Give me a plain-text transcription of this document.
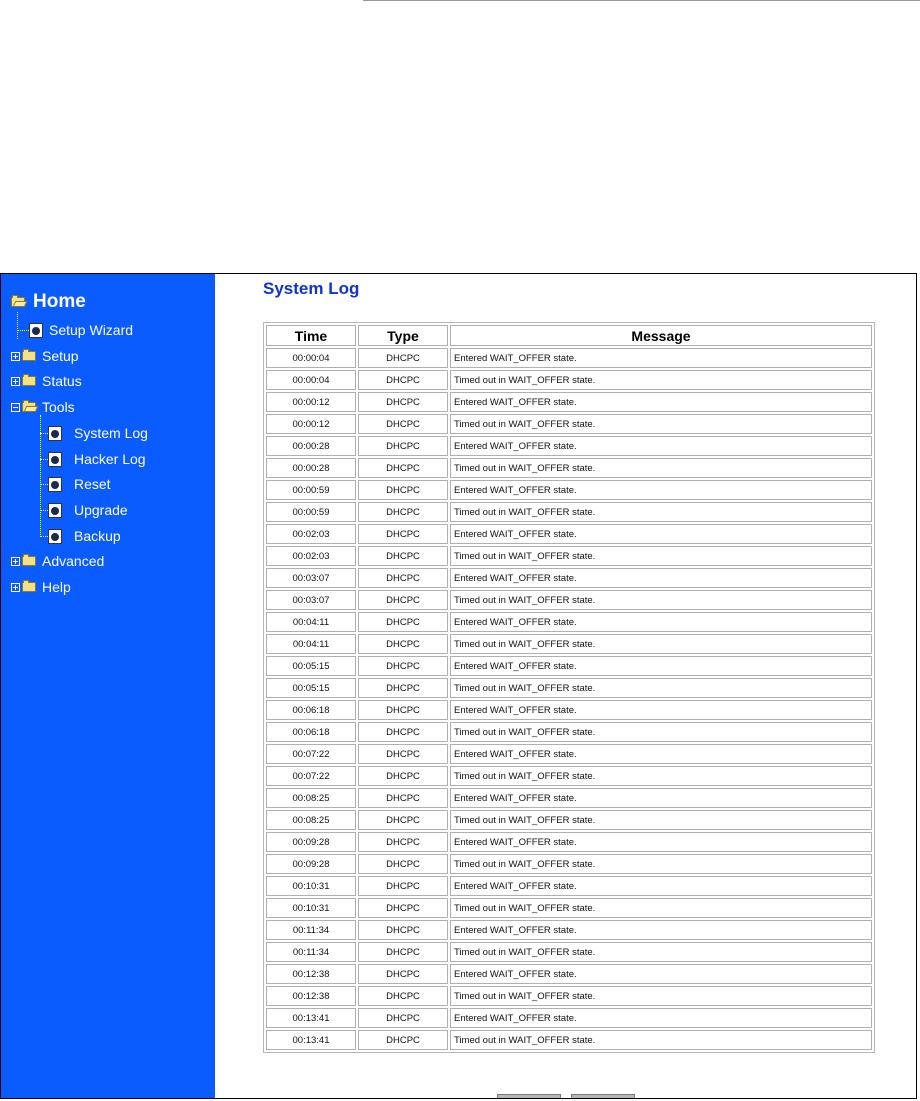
Home
Setup Wizard
Setup
Status
Tools
System Log
Hacker Log
Reset
Upgrade
Backup
Advanced
Help
System Log
Time	Type	Message
00:00:04	DHCPC	Entered WAIT_OFFER state.
00:00:04	DHCPC	Timed out in WAIT_OFFER state.
00:00:12	DHCPC	Entered WAIT_OFFER state.
00:00:12	DHCPC	Timed out in WAIT_OFFER state.
00:00:28	DHCPC	Entered WAIT_OFFER state.
00:00:28	DHCPC	Timed out in WAIT_OFFER state.
00:00:59	DHCPC	Entered WAIT_OFFER state.
00:00:59	DHCPC	Timed out in WAIT_OFFER state.
00:02:03	DHCPC	Entered WAIT_OFFER state.
00:02:03	DHCPC	Timed out in WAIT_OFFER state.
00:03:07	DHCPC	Entered WAIT_OFFER state.
00:03:07	DHCPC	Timed out in WAIT_OFFER state.
00:04:11	DHCPC	Entered WAIT_OFFER state.
00:04:11	DHCPC	Timed out in WAIT_OFFER state.
00:05:15	DHCPC	Entered WAIT_OFFER state.
00:05:15	DHCPC	Timed out in WAIT_OFFER state.
00:06:18	DHCPC	Entered WAIT_OFFER state.
00:06:18	DHCPC	Timed out in WAIT_OFFER state.
00:07:22	DHCPC	Entered WAIT_OFFER state.
00:07:22	DHCPC	Timed out in WAIT_OFFER state.
00:08:25	DHCPC	Entered WAIT_OFFER state.
00:08:25	DHCPC	Timed out in WAIT_OFFER state.
00:09:28	DHCPC	Entered WAIT_OFFER state.
00:09:28	DHCPC	Timed out in WAIT_OFFER state.
00:10:31	DHCPC	Entered WAIT_OFFER state.
00:10:31	DHCPC	Timed out in WAIT_OFFER state.
00:11:34	DHCPC	Entered WAIT_OFFER state.
00:11:34	DHCPC	Timed out in WAIT_OFFER state.
00:12:38	DHCPC	Entered WAIT_OFFER state.
00:12:38	DHCPC	Timed out in WAIT_OFFER state.
00:13:41	DHCPC	Entered WAIT_OFFER state.
00:13:41	DHCPC	Timed out in WAIT_OFFER state.
